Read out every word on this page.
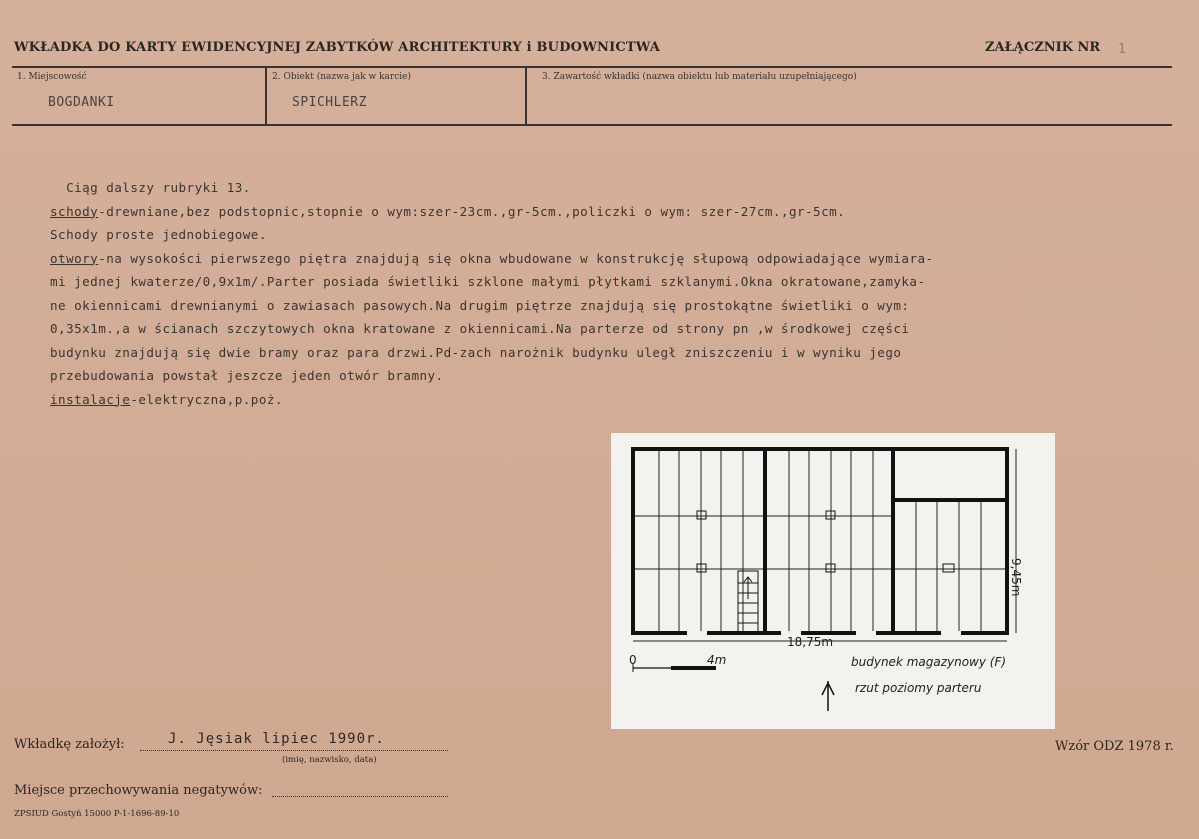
WKŁADKA DO KARTY EWIDENCYJNEJ ZABYTKÓW ARCHITEKTURY i BUDOWNICTWA	ZAŁĄCZNIK NR 1
1. Miejscowość
BOGDANKI
2. Obiekt (nazwa jak w karcie)
SPICHLERZ
3. Zawartość wkładki (nazwa obiektu lub materiału uzupełniającego)
Ciąg dalszy rubryki 13.
schody-drewniane,bez podstopnic,stopnie o wym:szer-23cm.,gr-5cm.,policzki o wym: szer-27cm.,gr-5cm.
Schody proste jednobiegowe.
otwory-na wysokości pierwszego piętra znajdują się okna wbudowane w konstrukcję słupową odpowiadające wymiara-
mi jednej kwaterze/0,9x1m/.Parter posiada świetliki szklone małymi płytkami szklanymi.Okna okratowane,zamyka-
ne okiennicami drewnianymi o zawiasach pasowych.Na drugim piętrze znajdują się prostokątne świetliki o wym:
0,35x1m.,a w ścianach szczytowych okna kratowane z okiennicami.Na parterze od strony pn ,w środkowej części
budynku znajdują się dwie bramy oraz para drzwi.Pd-zach narożnik budynku uległ zniszczeniu i w wyniku jego
przebudowania powstał jeszcze jeden otwór bramny.
instalacje-elektryczna,p.poż.
18,75m
9,45m
0	4m	budynek magazynowy (F)
rzut poziomy parteru
Wkładkę założył:	J. Jęsiak lipiec 1990r.
(imię, nazwisko, data)
Wzór ODZ 1978 r.
Miejsce przechowywania negatywów:
ZPSIUD Gostyń 15000 P-1-1696-89-10
